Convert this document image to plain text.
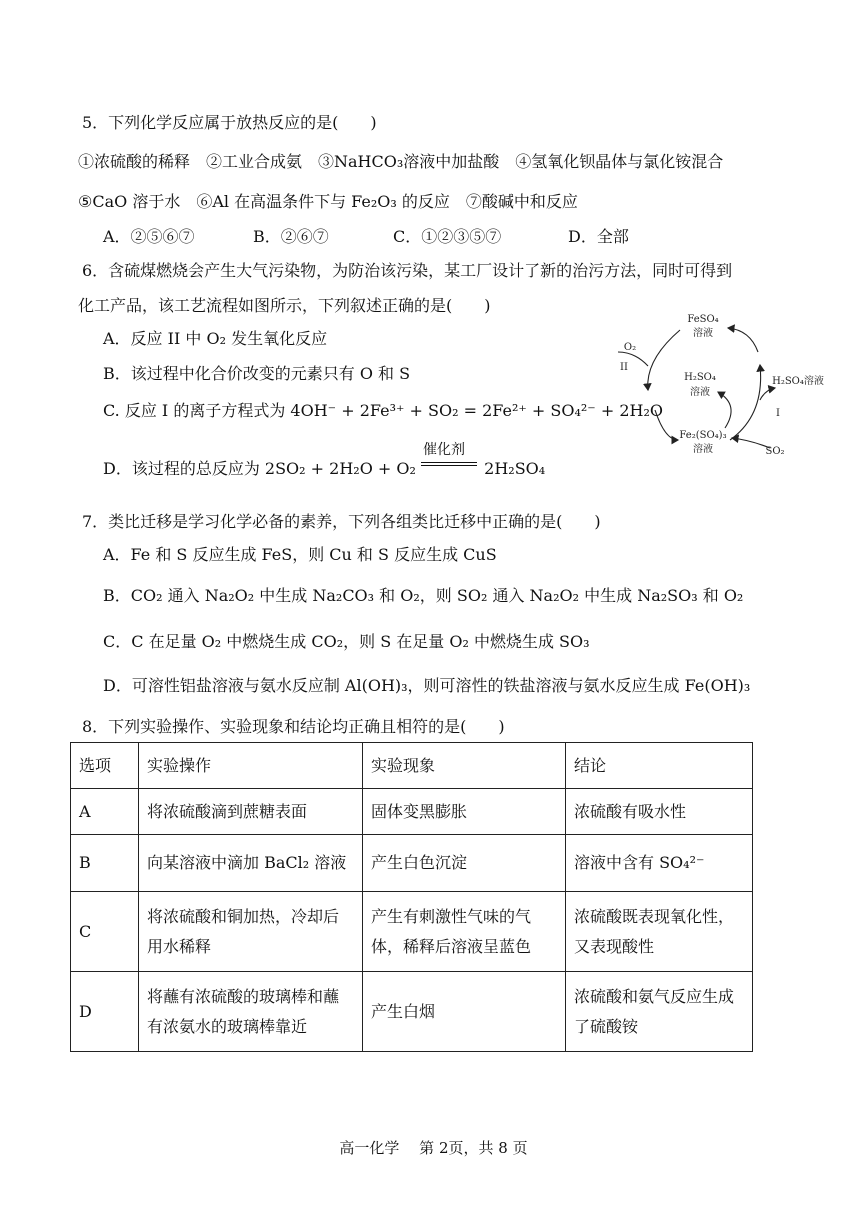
5．下列化学反应属于放热反应的是(　　)
①浓硫酸的稀释　②工业合成氨　③NaHCO₃溶液中加盐酸　④氢氧化钡晶体与氯化铵混合
⑤CaO 溶于水　⑥Al 在高温条件下与 Fe₂O₃ 的反应　⑦酸碱中和反应
A．②⑤⑥⑦	B．②⑥⑦	C．①②③⑤⑦	D．全部
6．含硫煤燃烧会产生大气污染物，为防治该污染，某工厂设计了新的治污方法，同时可得到
化工产品，该工艺流程如图所示，下列叙述正确的是(　　)
A．反应 II 中 O₂ 发生氧化反应
B．该过程中化合价改变的元素只有 O 和 S
C. 反应 I 的离子方程式为 4OH⁻ + 2Fe³⁺ + SO₂ = 2Fe²⁺ + SO₄²⁻ + 2H₂O
D．该过程的总反应为 2SO₂ + 2H₂O + O₂
催化剂
2H₂SO₄
FeSO₄
溶液
O₂
II
H₂SO₄
溶液
H₂SO₄溶液
Fe₂(SO₄)₃
溶液
I
SO₂
7．类比迁移是学习化学必备的素养，下列各组类比迁移中正确的是(　　)
A．Fe 和 S 反应生成 FeS，则 Cu 和 S 反应生成 CuS
B．CO₂ 通入 Na₂O₂ 中生成 Na₂CO₃ 和 O₂，则 SO₂ 通入 Na₂O₂ 中生成 Na₂SO₃ 和 O₂
C．C 在足量 O₂ 中燃烧生成 CO₂，则 S 在足量 O₂ 中燃烧生成 SO₃
D．可溶性铝盐溶液与氨水反应制 Al(OH)₃，则可溶性的铁盐溶液与氨水反应生成 Fe(OH)₃
8．下列实验操作、实验现象和结论均正确且相符的是(　　)
选项	实验操作	实验现象	结论
A	将浓硫酸滴到蔗糖表面	固体变黑膨胀	浓硫酸有吸水性
B	向某溶液中滴加 BaCl₂ 溶液	产生白色沉淀	溶液中含有 SO₄²⁻
C	将浓硫酸和铜加热，冷却后用水稀释	产生有刺激性气味的气体，稀释后溶液呈蓝色	浓硫酸既表现氧化性，又表现酸性
D	将蘸有浓硫酸的玻璃棒和蘸有浓氨水的玻璃棒靠近	产生白烟	浓硫酸和氨气反应生成了硫酸铵
高一化学　 第 2页，共 8 页
